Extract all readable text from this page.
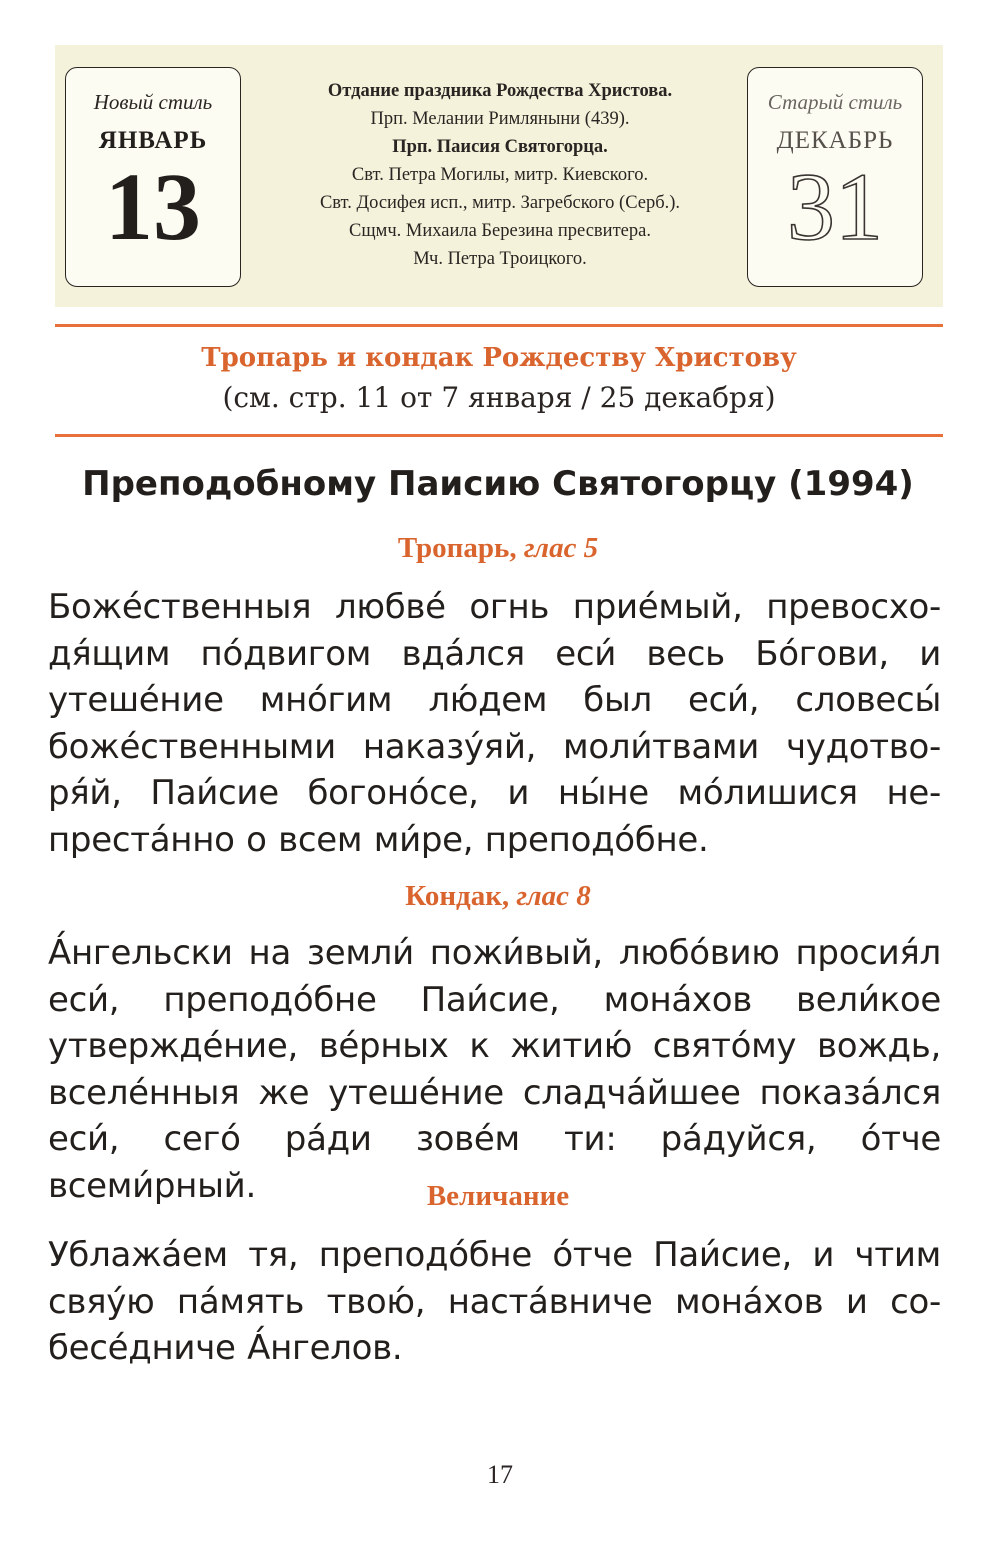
Новый стиль
ЯНВАРЬ
13
Отдание праздника Рождества Христова.
Прп. Мелании Римляныни (439).
Прп. Паисия Святогорца.
Свт. Петра Могилы, митр. Киевского.
Свт. Досифея исп., митр. Загребского (Серб.).
Сщмч. Михаила Березина пресвитера.
Мч. Петра Троицкого.
Старый стиль
ДЕКАБРЬ
31
Тропарь и кондак Рождеству Христову
(см. стр. 11 от 7 января / 25 декабря)
Преподобному Паисию Святогорцу (1994)
Тропарь, глас 5
Боже́ственныя любве́ огнь прие́мый, превосхо-дя́щим по́двигом вда́лся еси́ весь Бо́гови, и утеше́ние мно́гим лю́дем был еси́, словесы́ боже́ственными наказу́яй, моли́твами чудотво-ря́й, Паи́сие богоно́се, и ны́не мо́лишися не-преста́нно о всем ми́ре, преподо́бне.
Кондак, глас 8
А́нгельски на земли́ пожи́вый, любо́вию просия́л еси́, преподо́бне Паи́сие, мона́хов вели́кое утвержде́ние, ве́рных к житию́ свято́му вождь, вселе́нныя же утеше́ние сладча́йшее показа́лся еси́, сего́ ра́ди зове́м ти: ра́дуйся, о́тче всеми́рный.	Величание
Ублажа́ем тя, преподо́бне о́тче Паи́сие, и чтим свяу́ю па́мять твою́, наста́вниче мона́хов и со-бесе́дниче А́нгелов.
17
